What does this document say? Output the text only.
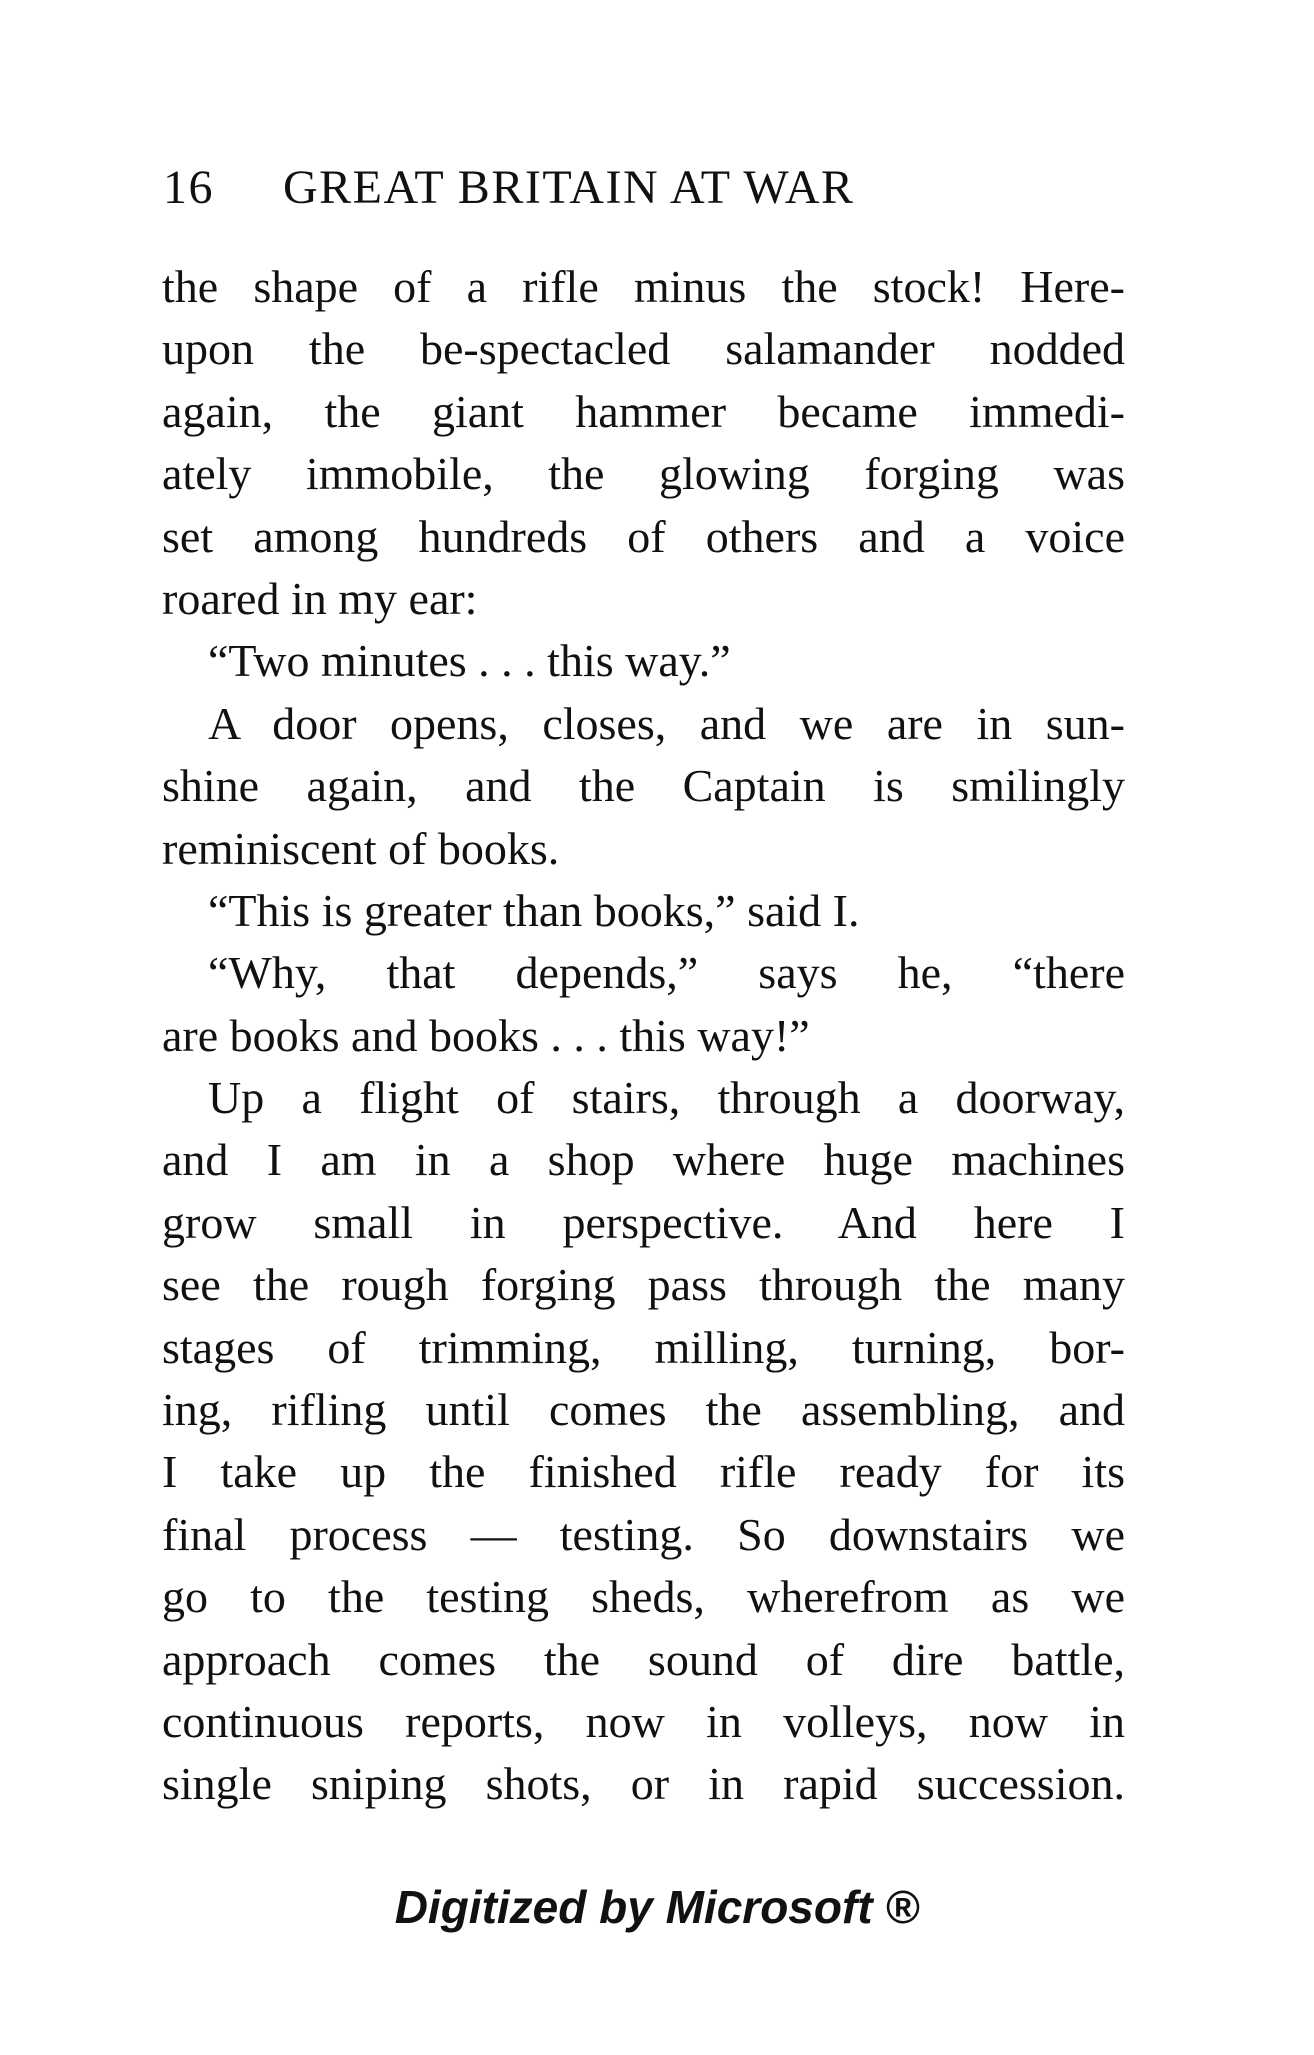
16 GREAT BRITAIN AT WAR
the shape of a rifle minus the stock! Here-
upon the be-spectacled salamander nodded
again, the giant hammer became immedi-
ately immobile, the glowing forging was
set among hundreds of others and a voice
roared in my ear:
“Two minutes . . . this way.”
A door opens, closes, and we are in sun-
shine again, and the Captain is smilingly
reminiscent of books.
“This is greater than books,” said I.
“Why, that depends,” says he, “there
are books and books . . . this way!”
Up a flight of stairs, through a doorway,
and I am in a shop where huge machines
grow small in perspective. And here I
see the rough forging pass through the many
stages of trimming, milling, turning, bor-
ing, rifling until comes the assembling, and
I take up the finished rifle ready for its
final process — testing. So downstairs we
go to the testing sheds, wherefrom as we
approach comes the sound of dire battle,
continuous reports, now in volleys, now in
single sniping shots, or in rapid succession.
Digitized by Microsoft ®
